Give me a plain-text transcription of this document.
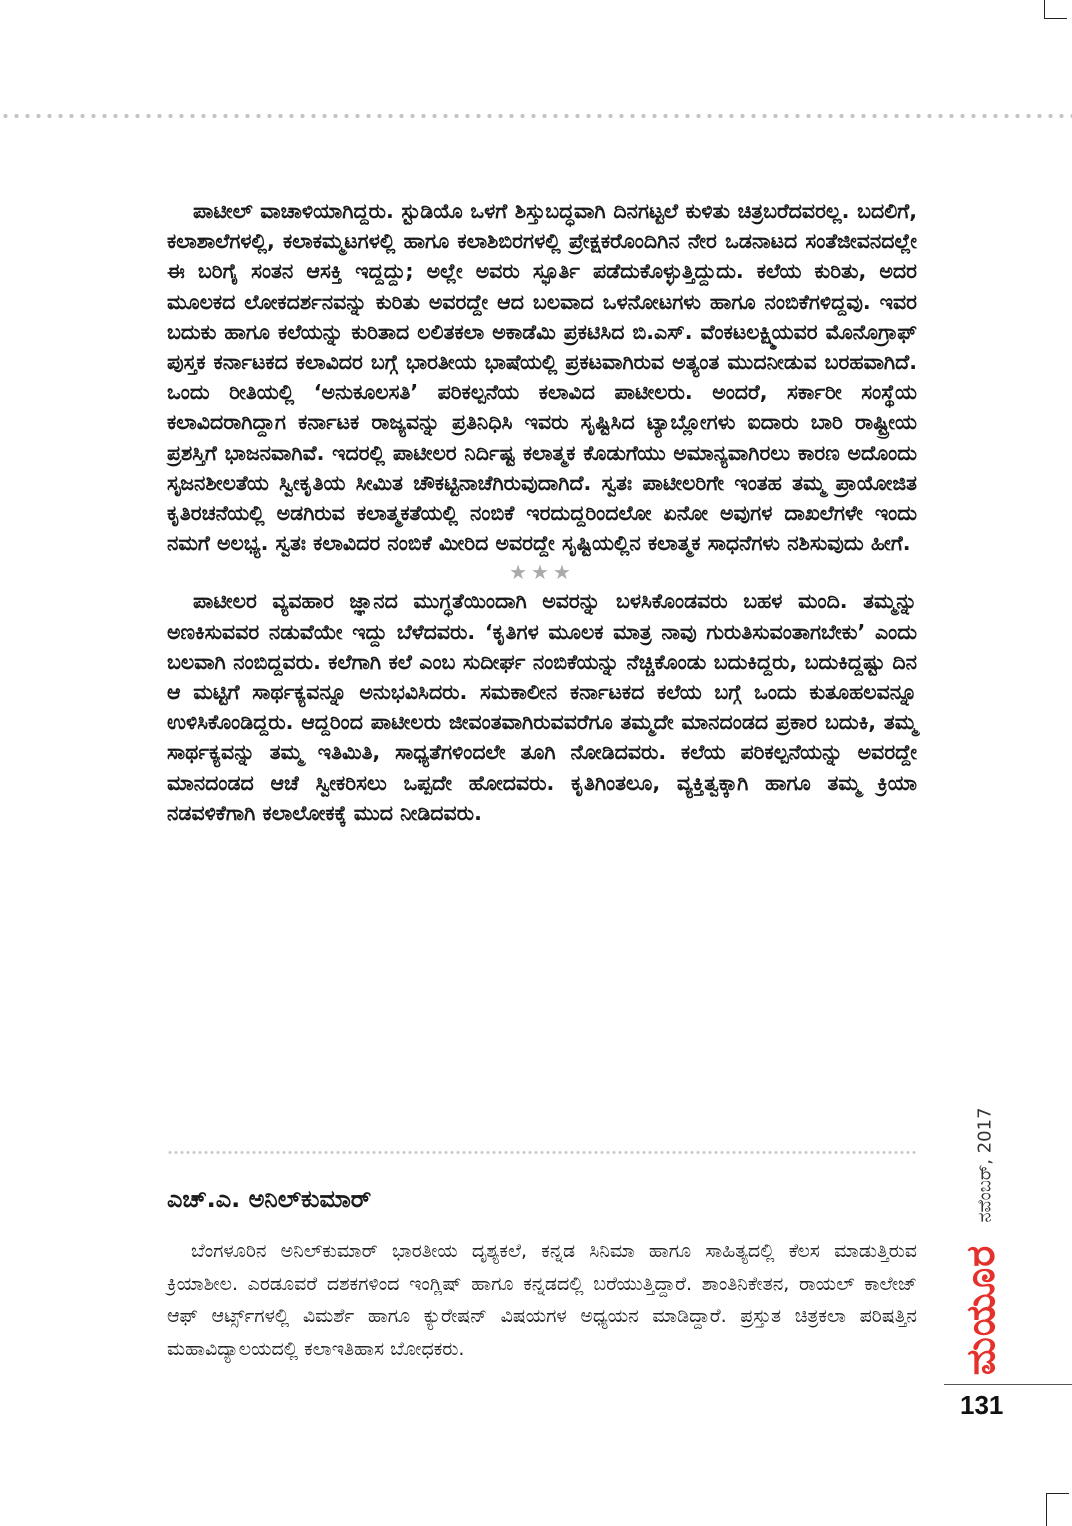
ಪಾಟೀಲ್ ವಾಚಾಳಿಯಾಗಿದ್ದರು. ಸ್ಟುಡಿಯೊ ಒಳಗೆ ಶಿಸ್ತುಬದ್ಧವಾಗಿ ದಿನಗಟ್ಟಲೆ ಕುಳಿತು ಚಿತ್ರಬರೆದವರಲ್ಲ. ಬದಲಿಗೆ, ಕಲಾಶಾಲೆಗಳಲ್ಲಿ, ಕಲಾಕಮ್ಮಟಗಳಲ್ಲಿ ಹಾಗೂ ಕಲಾಶಿಬಿರಗಳಲ್ಲಿ ಪ್ರೇಕ್ಷಕರೊಂದಿಗಿನ ನೇರ ಒಡನಾಟದ ಸಂತೆಜೀವನದಲ್ಲೇ ಈ ಬರಿಗೈ ಸಂತನ ಆಸಕ್ತಿ ಇದ್ದದ್ದು; ಅಲ್ಲೇ ಅವರು ಸ್ಫೂರ್ತಿ ಪಡೆದುಕೊಳ್ಳುತ್ತಿದ್ದುದು. ಕಲೆಯ ಕುರಿತು, ಅದರ ಮೂಲಕದ ಲೋಕದರ್ಶನವನ್ನು ಕುರಿತು ಅವರದ್ದೇ ಆದ ಬಲವಾದ ಒಳನೋಟಗಳು ಹಾಗೂ ನಂಬಿಕೆಗಳಿದ್ದವು. ಇವರ ಬದುಕು ಹಾಗೂ ಕಲೆಯನ್ನು ಕುರಿತಾದ ಲಲಿತಕಲಾ ಅಕಾಡೆಮಿ ಪ್ರಕಟಿಸಿದ ಬಿ.ಎಸ್. ವೆಂಕಟಲಕ್ಷ್ಮಿಯವರ ಮೊನೊಗ್ರಾಫ್ ಪುಸ್ತಕ ಕರ್ನಾಟಕದ ಕಲಾವಿದರ ಬಗ್ಗೆ ಭಾರತೀಯ ಭಾಷೆಯಲ್ಲಿ ಪ್ರಕಟವಾಗಿರುವ ಅತ್ಯಂತ ಮುದನೀಡುವ ಬರಹವಾಗಿದೆ. ಒಂದು ರೀತಿಯಲ್ಲಿ ‘ಅನುಕೂಲಸತಿ’ ಪರಿಕಲ್ಪನೆಯ ಕಲಾವಿದ ಪಾಟೀಲರು. ಅಂದರೆ, ಸರ್ಕಾರೀ ಸಂಸ್ಥೆಯ ಕಲಾವಿದರಾಗಿದ್ದಾಗ ಕರ್ನಾಟಕ ರಾಜ್ಯವನ್ನು ಪ್ರತಿನಿಧಿಸಿ ಇವರು ಸೃಷ್ಟಿಸಿದ ಟ್ಯಾಬ್ಲೋಗಳು ಐದಾರು ಬಾರಿ ರಾಷ್ಟ್ರೀಯ ಪ್ರಶಸ್ತಿಗೆ ಭಾಜನವಾಗಿವೆ. ಇದರಲ್ಲಿ ಪಾಟೀಲರ ನಿರ್ದಿಷ್ಟ ಕಲಾತ್ಮಕ ಕೊಡುಗೆಯು ಅಮಾನ್ಯವಾಗಿರಲು ಕಾರಣ ಅದೊಂದು ಸೃಜನಶೀಲತೆಯ ಸ್ವೀಕೃತಿಯ ಸೀಮಿತ ಚೌಕಟ್ಟಿನಾಚೆಗಿರುವುದಾಗಿದೆ. ಸ್ವತಃ ಪಾಟೀಲರಿಗೇ ಇಂತಹ ತಮ್ಮ ಪ್ರಾಯೋಜಿತ ಕೃತಿರಚನೆಯಲ್ಲಿ ಅಡಗಿರುವ ಕಲಾತ್ಮಕತೆಯಲ್ಲಿ ನಂಬಿಕೆ ಇರದುದ್ದರಿಂದಲೋ ಏನೋ ಅವುಗಳ ದಾಖಲೆಗಳೇ ಇಂದು ನಮಗೆ ಅಲಭ್ಯ. ಸ್ವತಃ ಕಲಾವಿದರ ನಂಬಿಕೆ ಮೀರಿದ ಅವರದ್ದೇ ಸೃಷ್ಟಿಯಲ್ಲಿನ ಕಲಾತ್ಮಕ ಸಾಧನೆಗಳು ನಶಿಸುವುದು ಹೀಗೆ.

★★★

ಪಾಟೀಲರ ವ್ಯವಹಾರ ಜ್ಞಾನದ ಮುಗ್ಧತೆಯಿಂದಾಗಿ ಅವರನ್ನು ಬಳಸಿಕೊಂಡವರು ಬಹಳ ಮಂದಿ. ತಮ್ಮನ್ನು ಅಣಕಿಸುವವರ ನಡುವೆಯೇ ಇದ್ದು ಬೆಳೆದವರು. ‘ಕೃತಿಗಳ ಮೂಲಕ ಮಾತ್ರ ನಾವು ಗುರುತಿಸುವಂತಾಗಬೇಕು’ ಎಂದು ಬಲವಾಗಿ ನಂಬಿದ್ದವರು. ಕಲೆಗಾಗಿ ಕಲೆ ಎಂಬ ಸುದೀರ್ಘ ನಂಬಿಕೆಯನ್ನು ನೆಚ್ಚಿಕೊಂಡು ಬದುಕಿದ್ದರು, ಬದುಕಿದ್ದಷ್ಟು ದಿನ ಆ ಮಟ್ಟಿಗೆ ಸಾರ್ಥಕ್ಯವನ್ನೂ ಅನುಭವಿಸಿದರು. ಸಮಕಾಲೀನ ಕರ್ನಾಟಕದ ಕಲೆಯ ಬಗ್ಗೆ ಒಂದು ಕುತೂಹಲವನ್ನೂ ಉಳಿಸಿಕೊಂಡಿದ್ದರು. ಆದ್ದರಿಂದ ಪಾಟೀಲರು ಜೀವಂತವಾಗಿರುವವರೆಗೂ ತಮ್ಮದೇ ಮಾನದಂಡದ ಪ್ರಕಾರ ಬದುಕಿ, ತಮ್ಮ ಸಾರ್ಥಕ್ಯವನ್ನು ತಮ್ಮ ಇತಿಮಿತಿ, ಸಾಧ್ಯತೆಗಳಿಂದಲೇ ತೂಗಿ ನೋಡಿದವರು. ಕಲೆಯ ಪರಿಕಲ್ಪನೆಯನ್ನು ಅವರದ್ದೇ ಮಾನದಂಡದ ಆಚೆ ಸ್ವೀಕರಿಸಲು ಒಪ್ಪದೇ ಹೋದವರು. ಕೃತಿಗಿಂತಲೂ, ವ್ಯಕ್ತಿತ್ವಕ್ಕಾಗಿ ಹಾಗೂ ತಮ್ಮ ಕ್ರಿಯಾ ನಡವಳಿಕೆಗಾಗಿ ಕಲಾಲೋಕಕ್ಕೆ ಮುದ ನೀಡಿದವರು.

ಎಚ್.ಎ. ಅನಿಲ್‌ಕುಮಾರ್

ಬೆಂಗಳೂರಿನ ಅನಿಲ್‌ಕುಮಾರ್ ಭಾರತೀಯ ದೃಶ್ಯಕಲೆ, ಕನ್ನಡ ಸಿನಿಮಾ ಹಾಗೂ ಸಾಹಿತ್ಯದಲ್ಲಿ ಕೆಲಸ ಮಾಡುತ್ತಿರುವ ಕ್ರಿಯಾಶೀಲ. ಎರಡೂವರೆ ದಶಕಗಳಿಂದ ಇಂಗ್ಲಿಷ್ ಹಾಗೂ ಕನ್ನಡದಲ್ಲಿ ಬರೆಯುತ್ತಿದ್ದಾರೆ. ಶಾಂತಿನಿಕೇತನ, ರಾಯಲ್ ಕಾಲೇಜ್ ಆಫ್ ಆರ್ಟ್ಸ್‌ಗಳಲ್ಲಿ ವಿಮರ್ಶೆ ಹಾಗೂ ಕ್ಯುರೇಷನ್ ವಿಷಯಗಳ ಅಧ್ಯಯನ ಮಾಡಿದ್ದಾರೆ. ಪ್ರಸ್ತುತ ಚಿತ್ರಕಲಾ ಪರಿಷತ್ತಿನ ಮಹಾವಿದ್ಯಾಲಯದಲ್ಲಿ ಕಲಾಇತಿಹಾಸ ಬೋಧಕರು.

ನವೆಂಬರ್, 2017
ಮಯೂರ
131
